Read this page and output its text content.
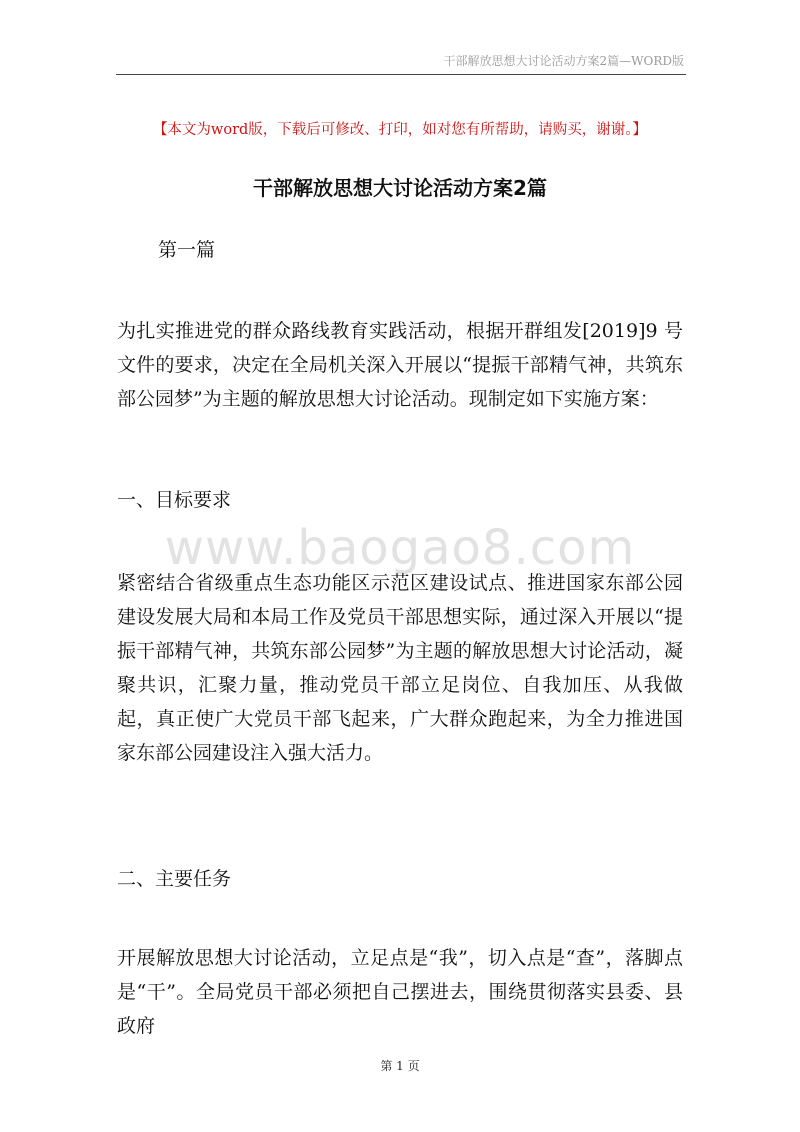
干部解放思想大讨论活动方案2篇—WORD版
【本文为word版，下载后可修改、打印，如对您有所帮助，请购买，谢谢。】
干部解放思想大讨论活动方案2篇
www.baogao8.com
第一篇
为扎实推进党的群众路线教育实践活动，根据开群组发[2019]9 号文件的要求，决定在全局机关深入开展以“提振干部精气神，共筑东部公园梦”为主题的解放思想大讨论活动。现制定如下实施方案：
一、目标要求
紧密结合省级重点生态功能区示范区建设试点、推进国家东部公园建设发展大局和本局工作及党员干部思想实际，通过深入开展以“提振干部精气神，共筑东部公园梦”为主题的解放思想大讨论活动，凝聚共识，汇聚力量，推动党员干部立足岗位、自我加压、从我做起，真正使广大党员干部飞起来，广大群众跑起来，为全力推进国家东部公园建设注入强大活力。
二、主要任务
开展解放思想大讨论活动，立足点是“我”，切入点是“查”，落脚点是“干”。全局党员干部必须把自己摆进去，围绕贯彻落实县委、县政府
第 1 页
